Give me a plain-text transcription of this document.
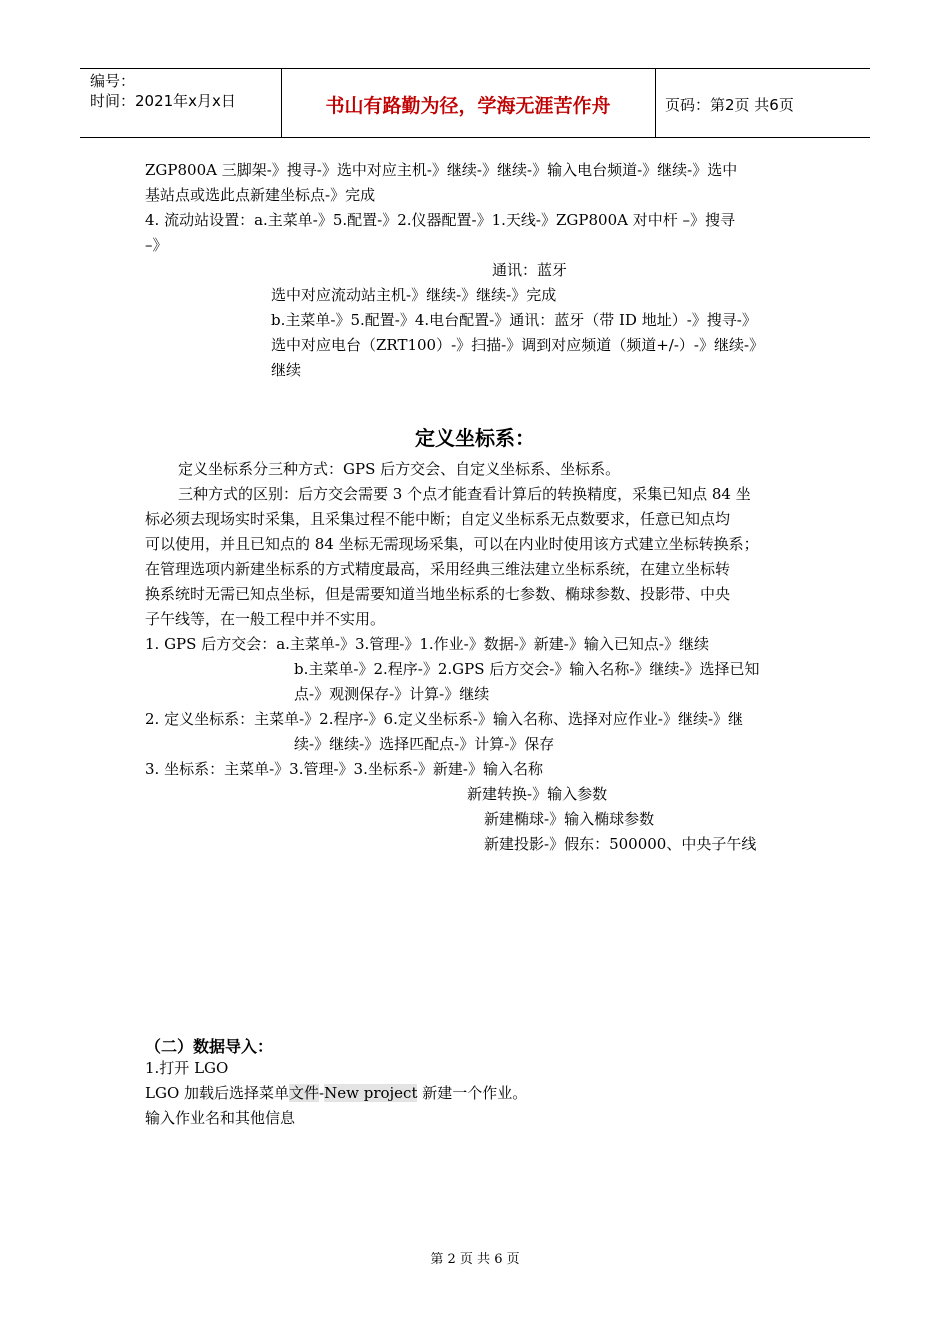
编号：
时间：2021年x月x日	书山有路勤为径，学海无涯苦作舟	页码：第2页 共6页
ZGP800A 三脚架-》搜寻-》选中对应主机-》继续-》继续-》输入电台频道-》继续-》选中
基站点或选此点新建坐标点-》完成
4. 流动站设置：a.主菜单-》5.配置-》2.仪器配置-》1.天线-》ZGP800A 对中杆 –》搜寻
–》
通讯：蓝牙
选中对应流动站主机-》继续-》继续-》完成
b.主菜单-》5.配置-》4.电台配置-》通讯：蓝牙（带 ID 地址）-》搜寻-》
选中对应电台（ZRT100）-》扫描-》调到对应频道（频道+/-）-》继续-》
继续
定义坐标系：
定义坐标系分三种方式：GPS 后方交会、自定义坐标系、坐标系。
三种方式的区别：后方交会需要 3 个点才能查看计算后的转换精度，采集已知点 84 坐
标必须去现场实时采集，且采集过程不能中断；自定义坐标系无点数要求，任意已知点均
可以使用，并且已知点的 84 坐标无需现场采集，可以在内业时使用该方式建立坐标转换系；
在管理选项内新建坐标系的方式精度最高，采用经典三维法建立坐标系统，在建立坐标转
换系统时无需已知点坐标，但是需要知道当地坐标系的七参数、椭球参数、投影带、中央
子午线等，在一般工程中并不实用。
1. GPS 后方交会：a.主菜单-》3.管理-》1.作业-》数据-》新建-》输入已知点-》继续
b.主菜单-》2.程序-》2.GPS 后方交会-》输入名称-》继续-》选择已知
点-》观测保存-》计算-》继续
2. 定义坐标系：主菜单-》2.程序-》6.定义坐标系-》输入名称、选择对应作业-》继续-》继
续-》继续-》选择匹配点-》计算-》保存
3. 坐标系：主菜单-》3.管理-》3.坐标系-》新建-》输入名称
新建转换-》输入参数
新建椭球-》输入椭球参数
新建投影-》假东：500000、中央子午线
（二）数据导入：
1.打开 LGO
LGO 加载后选择菜单文件-New project 新建一个作业。
输入作业名和其他信息
第 2 页 共 6 页
